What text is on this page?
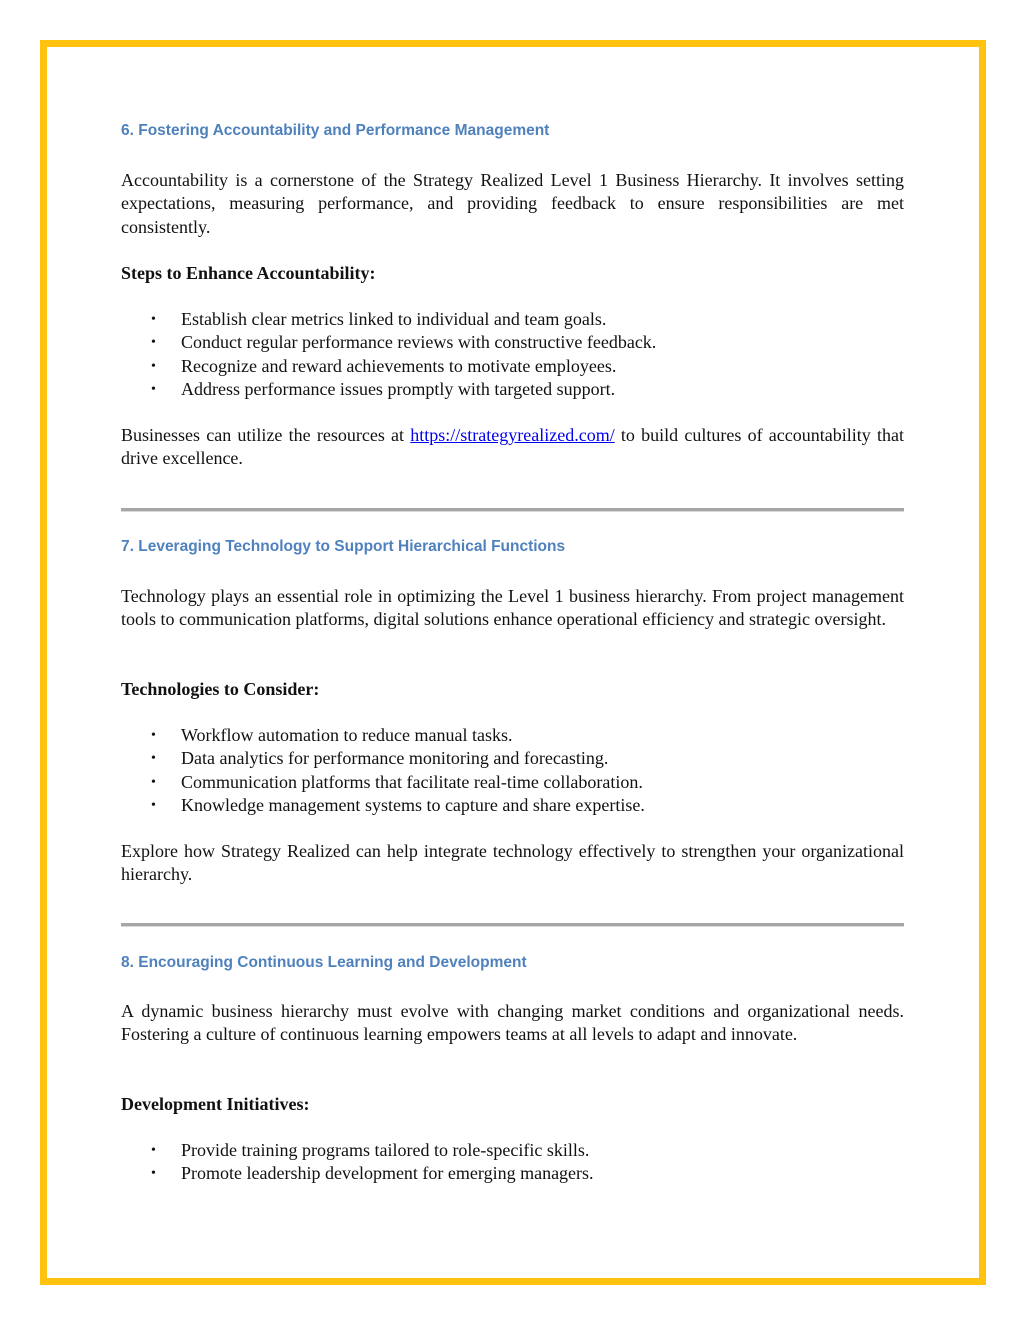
6. Fostering Accountability and Performance Management

Accountability is a cornerstone of the Strategy Realized Level 1 Business Hierarchy. It involves setting expectations, measuring performance, and providing feedback to ensure responsibilities are met consistently.

Steps to Enhance Accountability:

• Establish clear metrics linked to individual and team goals.
• Conduct regular performance reviews with constructive feedback.
• Recognize and reward achievements to motivate employees.
• Address performance issues promptly with targeted support.

Businesses can utilize the resources at https://strategyrealized.com/ to build cultures of accountability that drive excellence.

7. Leveraging Technology to Support Hierarchical Functions

Technology plays an essential role in optimizing the Level 1 business hierarchy. From project management tools to communication platforms, digital solutions enhance operational efficiency and strategic oversight.

Technologies to Consider:

• Workflow automation to reduce manual tasks.
• Data analytics for performance monitoring and forecasting.
• Communication platforms that facilitate real-time collaboration.
• Knowledge management systems to capture and share expertise.

Explore how Strategy Realized can help integrate technology effectively to strengthen your organizational hierarchy.

8. Encouraging Continuous Learning and Development

A dynamic business hierarchy must evolve with changing market conditions and organizational needs. Fostering a culture of continuous learning empowers teams at all levels to adapt and innovate.

Development Initiatives:

• Provide training programs tailored to role-specific skills.
• Promote leadership development for emerging managers.
